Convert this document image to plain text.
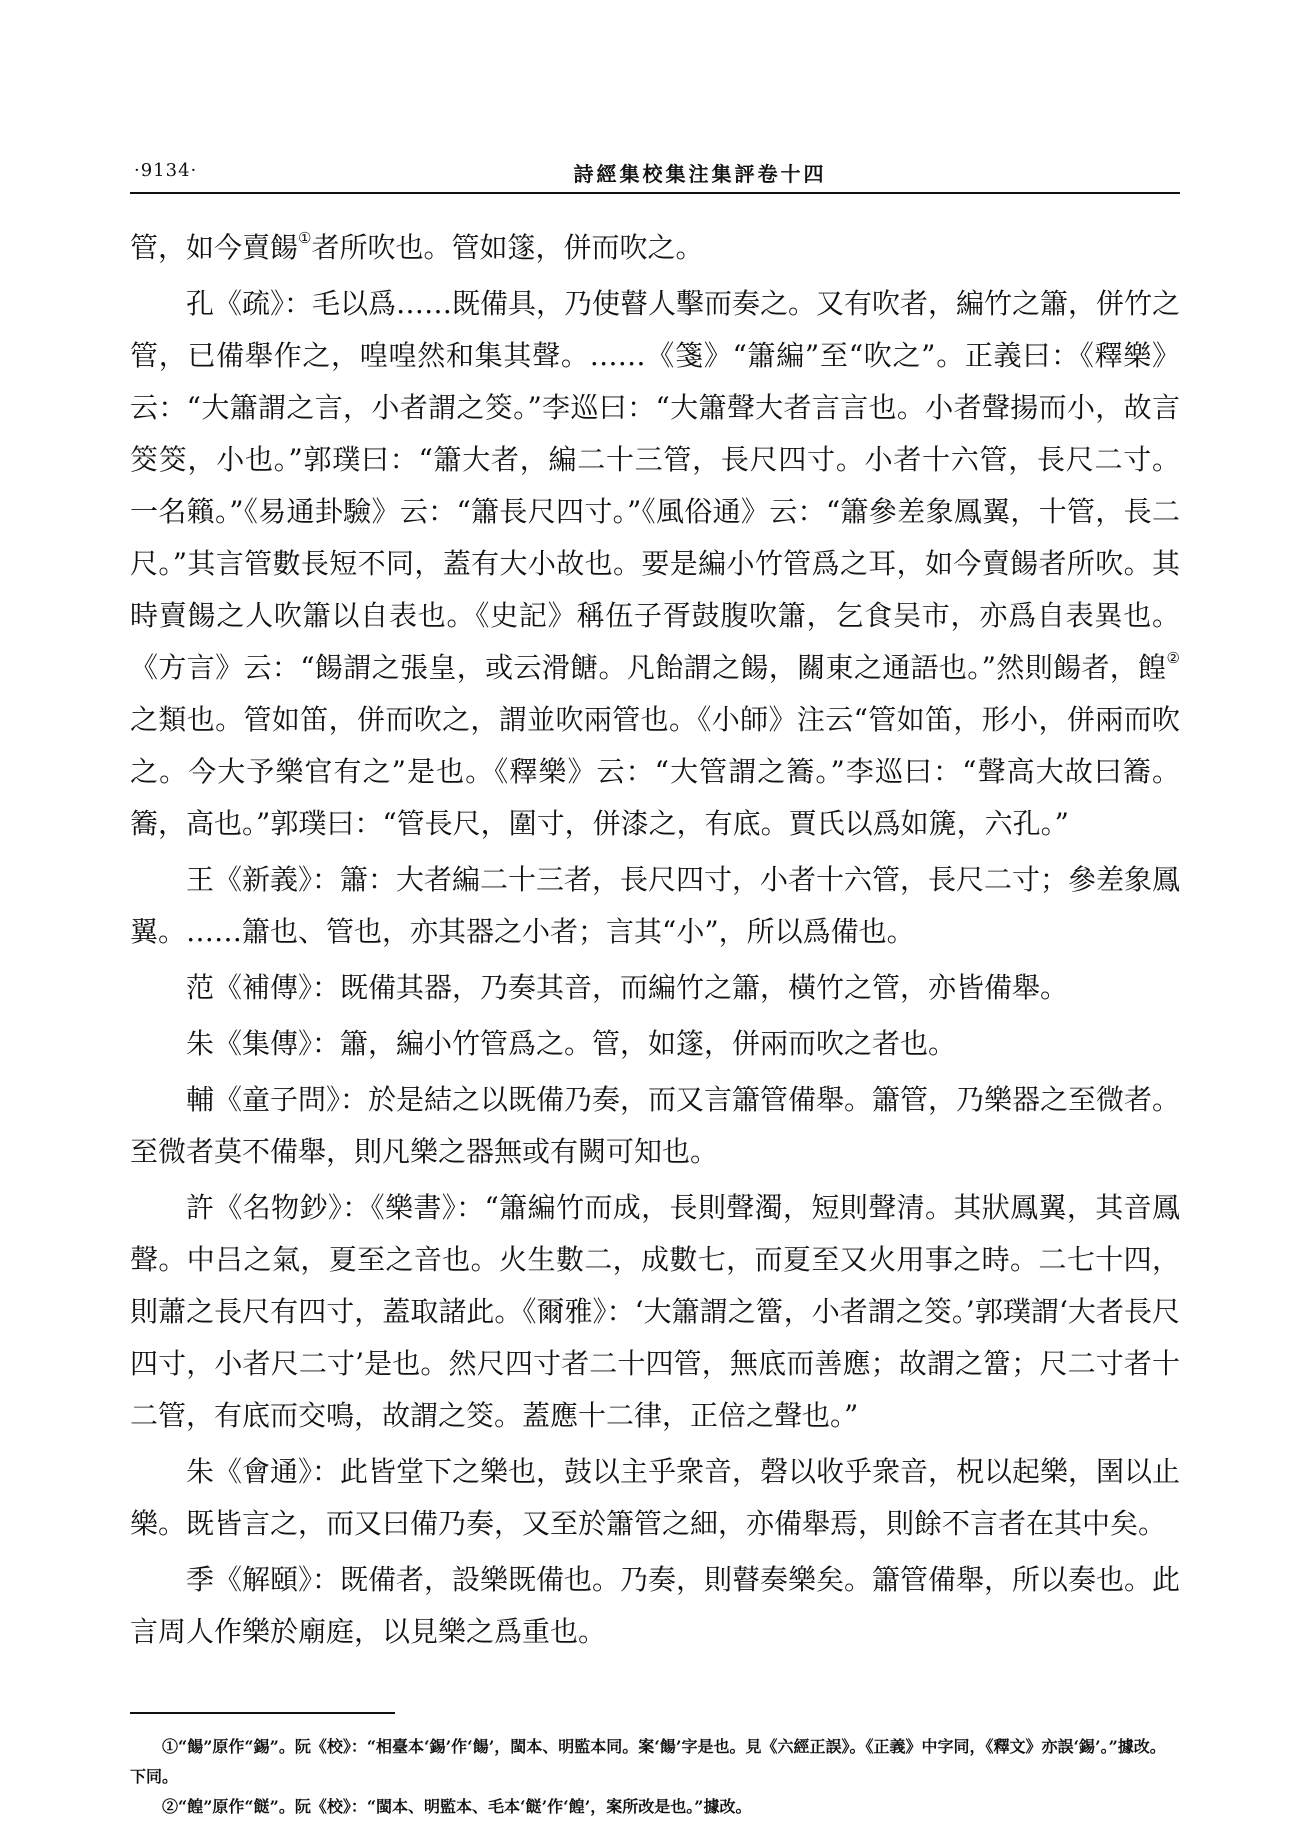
·9134·	詩經集校集注集評卷十四

管，如今賣餳①者所吹也。管如篴，併而吹之。

孔《疏》：毛以爲……既備具，乃使瞽人擊而奏之。又有吹者，編竹之簫，併竹之管，已備舉作之，喤喤然和集其聲。……《箋》“簫編”至“吹之”。正義曰：《釋樂》云：“大簫謂之言，小者謂之筊。”李巡曰：“大簫聲大者言言也。小者聲揚而小，故言筊筊，小也。”郭璞曰：“簫大者，編二十三管，長尺四寸。小者十六管，長尺二寸。一名籟。”《易通卦驗》云：“簫長尺四寸。”《風俗通》云：“簫參差象鳳翼，十管，長二尺。”其言管數長短不同，蓋有大小故也。要是編小竹管爲之耳，如今賣餳者所吹。其時賣餳之人吹簫以自表也。《史記》稱伍子胥鼓腹吹簫，乞食吴市，亦爲自表異也。《方言》云：“餳謂之張皇，或云滑餹。凡飴謂之餳，關東之通語也。”然則餳者，餭②之類也。管如笛，併而吹之，謂並吹兩管也。《小師》注云“管如笛，形小，併兩而吹之。今大予樂官有之”是也。《釋樂》云：“大管謂之簥。”李巡曰：“聲高大故曰簥。簥，高也。”郭璞曰：“管長尺，圍寸，併漆之，有底。賈氏以爲如篪，六孔。”

王《新義》：簫：大者編二十三者，長尺四寸，小者十六管，長尺二寸；參差象鳳翼。……簫也、管也，亦其器之小者；言其“小”，所以爲備也。

范《補傳》：既備其器，乃奏其音，而編竹之簫，橫竹之管，亦皆備舉。

朱《集傳》：簫，編小竹管爲之。管，如篴，併兩而吹之者也。

輔《童子問》：於是結之以既備乃奏，而又言簫管備舉。簫管，乃樂器之至微者。至微者莫不備舉，則凡樂之器無或有闕可知也。

許《名物鈔》：《樂書》：“簫編竹而成，長則聲濁，短則聲清。其狀鳳翼，其音鳳聲。中吕之氣，夏至之音也。火生數二，成數七，而夏至又火用事之時。二七十四，則蕭之長尺有四寸，蓋取諸此。《爾雅》：‘大簫謂之簹，小者謂之筊。’郭璞謂‘大者長尺四寸，小者尺二寸’是也。然尺四寸者二十四管，無底而善應；故謂之簹；尺二寸者十二管，有底而交鳴，故謂之筊。蓋應十二律，正倍之聲也。”

朱《會通》：此皆堂下之樂也，鼓以主乎衆音，磬以收乎衆音，柷以起樂，圉以止樂。既皆言之，而又曰備乃奏，又至於簫管之細，亦備舉焉，則餘不言者在其中矣。

季《解頤》：既備者，設樂既備也。乃奏，則瞽奏樂矣。簫管備舉，所以奏也。此言周人作樂於廟庭，以見樂之爲重也。

①“餳”原作“錫”。阮《校》：“相臺本‘錫’作‘餳’，閩本、明監本同。案‘餳’字是也。見《六經正誤》。《正義》中字同，《釋文》亦誤‘錫’。”據改。下同。

②“餭”原作“餸”。阮《校》：“閩本、明監本、毛本‘餸’作‘餭’，案所改是也。”據改。
